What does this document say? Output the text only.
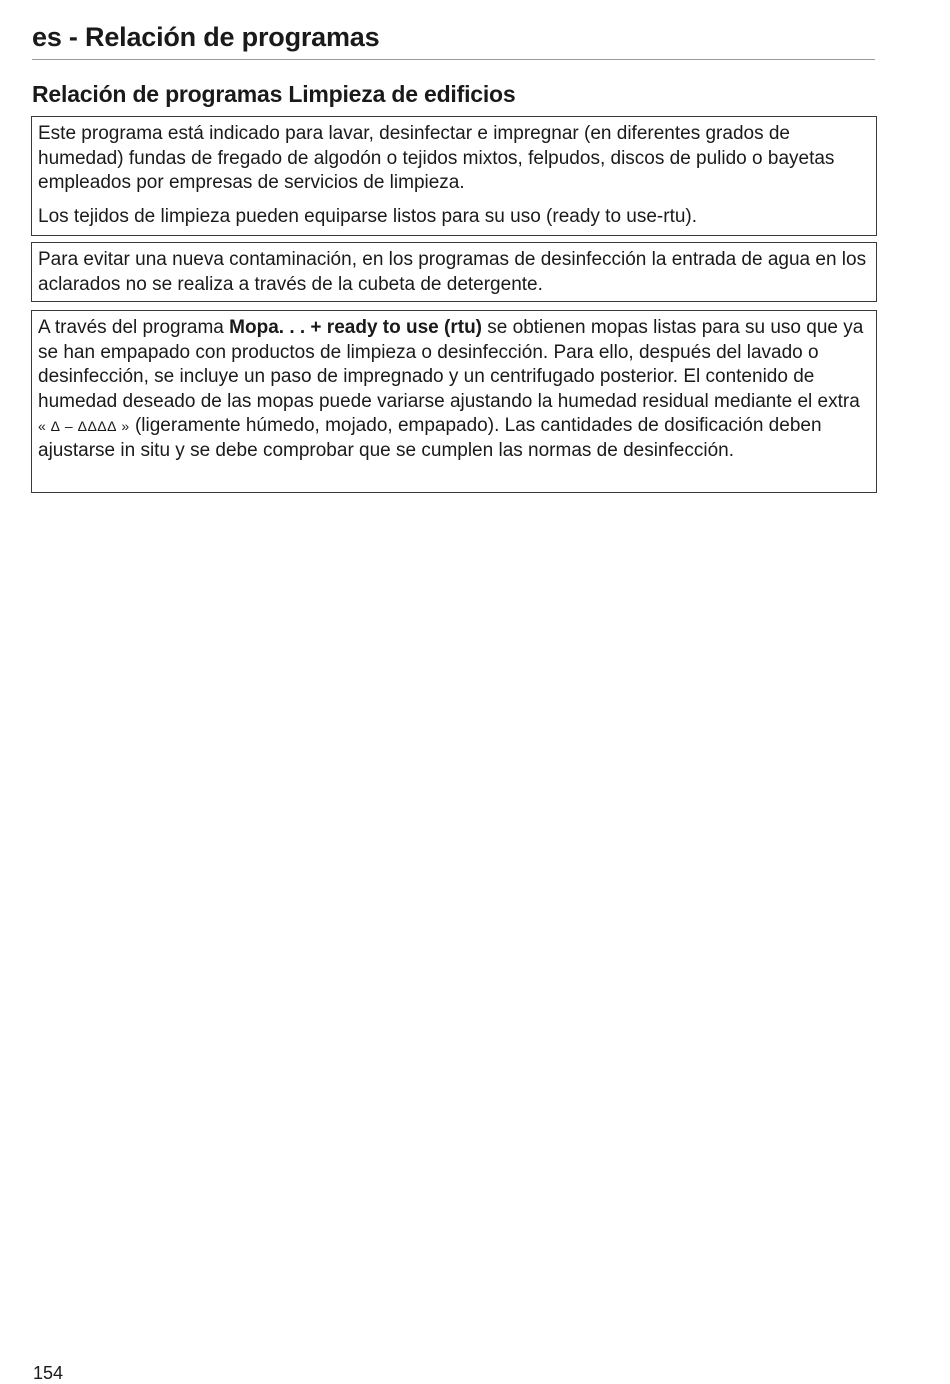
es - Relación de programas
Relación de programas Limpieza de edificios

Este programa está indicado para lavar, desinfectar e impregnar (en diferentes grados de humedad) fundas de fregado de algodón o tejidos mixtos, felpudos, discos de pulido o bayetas empleados por empresas de servicios de limpieza.

Los tejidos de limpieza pueden equiparse listos para su uso (ready to use-rtu).

Para evitar una nueva contaminación, en los programas de desinfección la entrada de agua en los aclarados no se realiza a través de la cubeta de detergente.

A través del programa Mopa. . . + ready to use (rtu) se obtienen mopas listas para su uso que ya se han empapado con productos de limpieza o desinfección. Para ello, después del lavado o desinfección, se incluye un paso de impregnado y un centrifugado posterior. El contenido de humedad deseado de las mopas puede variarse ajustando la humedad residual mediante el extra « Δ – ΔΔΔΔ » (ligeramente húmedo, mojado, empapado). Las cantidades de dosificación deben ajustarse in situ y se debe comprobar que se cumplen las normas de desinfección.

154
